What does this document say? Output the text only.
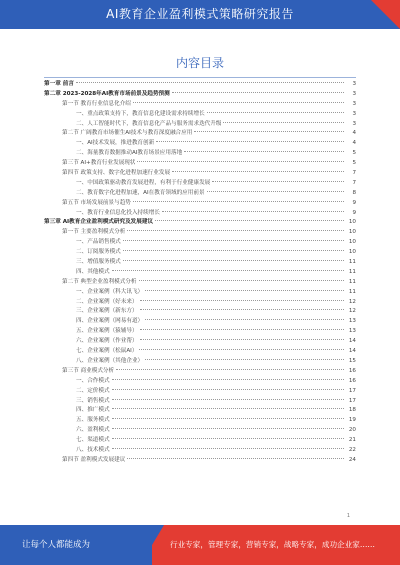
AI教育企业盈利模式策略研究报告
内容目录
第一章 前言	3
第二章 2023-2028年AI教育市场前景及趋势预测	3
第一节 教育行业信息化介绍	3
一、重点政策支持下，教育信息化建设需求持续增长	3
二、人工智能时代下，教育信息化产品与服务需求迭代升级	3
第二节 广阔教育市场催生AI技术与教育深度融合应用	4
一、AI技术发展，推进教育创新	4
二、海量教育数据推动AI教育场景应用落地	5
第三节 AI+教育行业发展现状	5
第四节 政策支持、数字化进程加速行业发展	7
一、中国政策驱动教育发展进程，有利于行业健康发展	7
二、教育数字化进程加速，AI在教育领域的应用前景	8
第五节 市场发展前景与趋势	9
一、教育行业信息化投入持续增长	9
第三章 AI教育企业盈利模式研究及发展建议	10
第一节 主要盈利模式分析	10
一、产品销售模式	10
二、订阅服务模式	10
三、增值服务模式	11
四、其他模式	11
第二节 典型企业盈利模式分析	11
一、企业案例（科大讯飞）	11
二、企业案例（好未来）	12
三、企业案例（新东方）	12
四、企业案例（网易有道）	13
五、企业案例（猿辅导）	13
六、企业案例（作业帮）	14
七、企业案例（松鼠AI）	14
八、企业案例（其他企业）	15
第三节 商业模式分析	16
一、合作模式	16
二、定价模式	17
三、销售模式	17
四、推广模式	18
五、服务模式	19
六、盈利模式	20
七、渠道模式	21
八、技术模式	22
第四节 盈利模式发展建议	24
1
让每个人都能成为	行业专家，管理专家，营销专家，战略专家，成功企业家……
